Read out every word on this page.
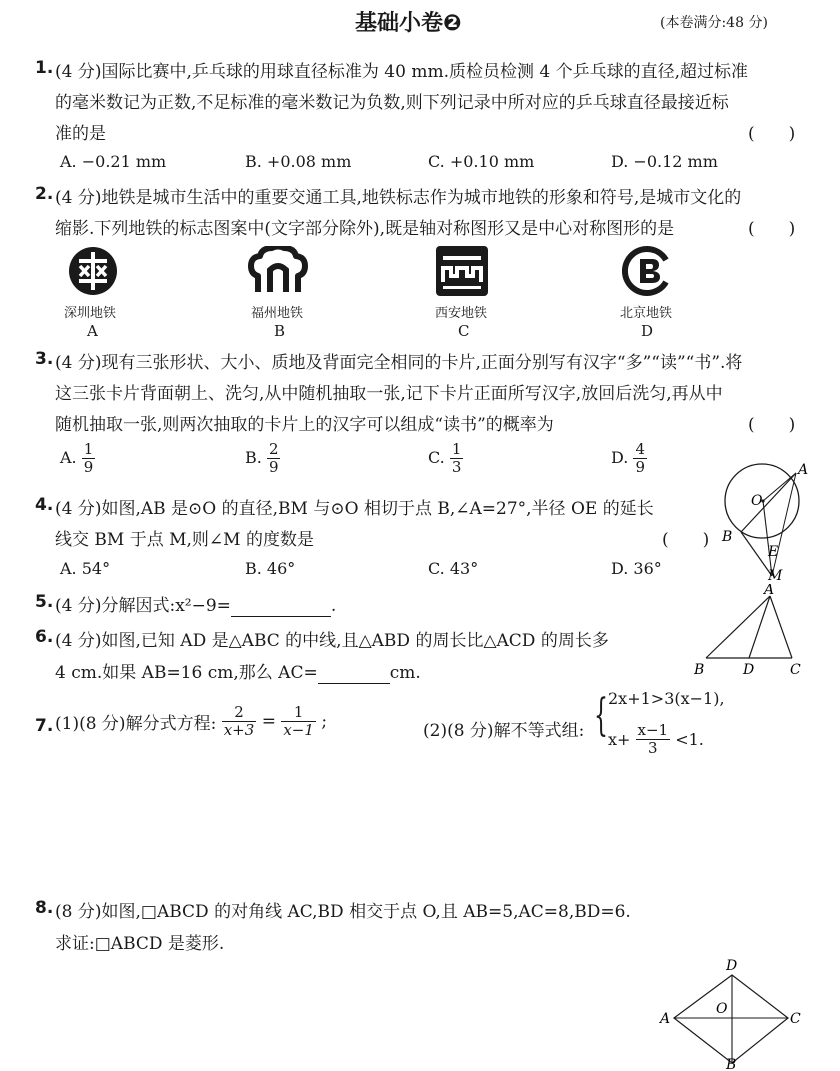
基础小卷❷	(本卷满分:48 分)
1. (4 分)国际比赛中,乒乓球的用球直径标准为 40 mm.质检员检测 4 个乒乓球的直径,超过标准
的毫米数记为正数,不足标准的毫米数记为负数,则下列记录中所对应的乒乓球直径最接近标
准的是	(　　)
A. −0.21 mm	B. +0.08 mm	C. +0.10 mm	D. −0.12 mm
2. (4 分)地铁是城市生活中的重要交通工具,地铁标志作为城市地铁的形象和符号,是城市文化的
缩影.下列地铁的标志图案中(文字部分除外),既是轴对称图形又是中心对称图形的是	(　　)
深圳地铁
A
福州地铁
B
西安地铁
C
北京地铁
D
3. (4 分)现有三张形状、大小、质地及背面完全相同的卡片,正面分别写有汉字“多”“读”“书”.将
这三张卡片背面朝上、洗匀,从中随机抽取一张,记下卡片正面所写汉字,放回后洗匀,再从中
随机抽取一张,则两次抽取的卡片上的汉字可以组成“读书”的概率为	(　　)
A. $\frac{1}{9}$	B. $\frac{2}{9}$	C. $\frac{1}{3}$	D. $\frac{4}{9}$
4. (4 分)如图,AB 是⊙O 的直径,BM 与⊙O 相切于点 B,∠A=27°,半径 OE 的延长
线交 BM 于点 M,则∠M 的度数是	(　　)
A. 54°	B. 46°	C. 43°	D. 36°
A
O
B
E
M
5. (4 分)分解因式:x²−9=	.
6. (4 分)如图,已知 AD 是△ABC 的中线,且△ABD 的周长比△ACD 的周长多
4 cm.如果 AB=16 cm,那么 AC=	cm.
A
B	D	C
7. (1)(8 分)解分式方程: $\frac{2}{x+3} = \frac{1}{x-1}$ ;	(2)(8 分)解不等式组: { 2x+1>3(x−1),
$x+ \frac{x-1}{3} <1$.
8. (8 分)如图,□ABCD 的对角线 AC,BD 相交于点 O,且 AB=5,AC=8,BD=6.
求证:□ABCD 是菱形.
D
A
O
C
B
